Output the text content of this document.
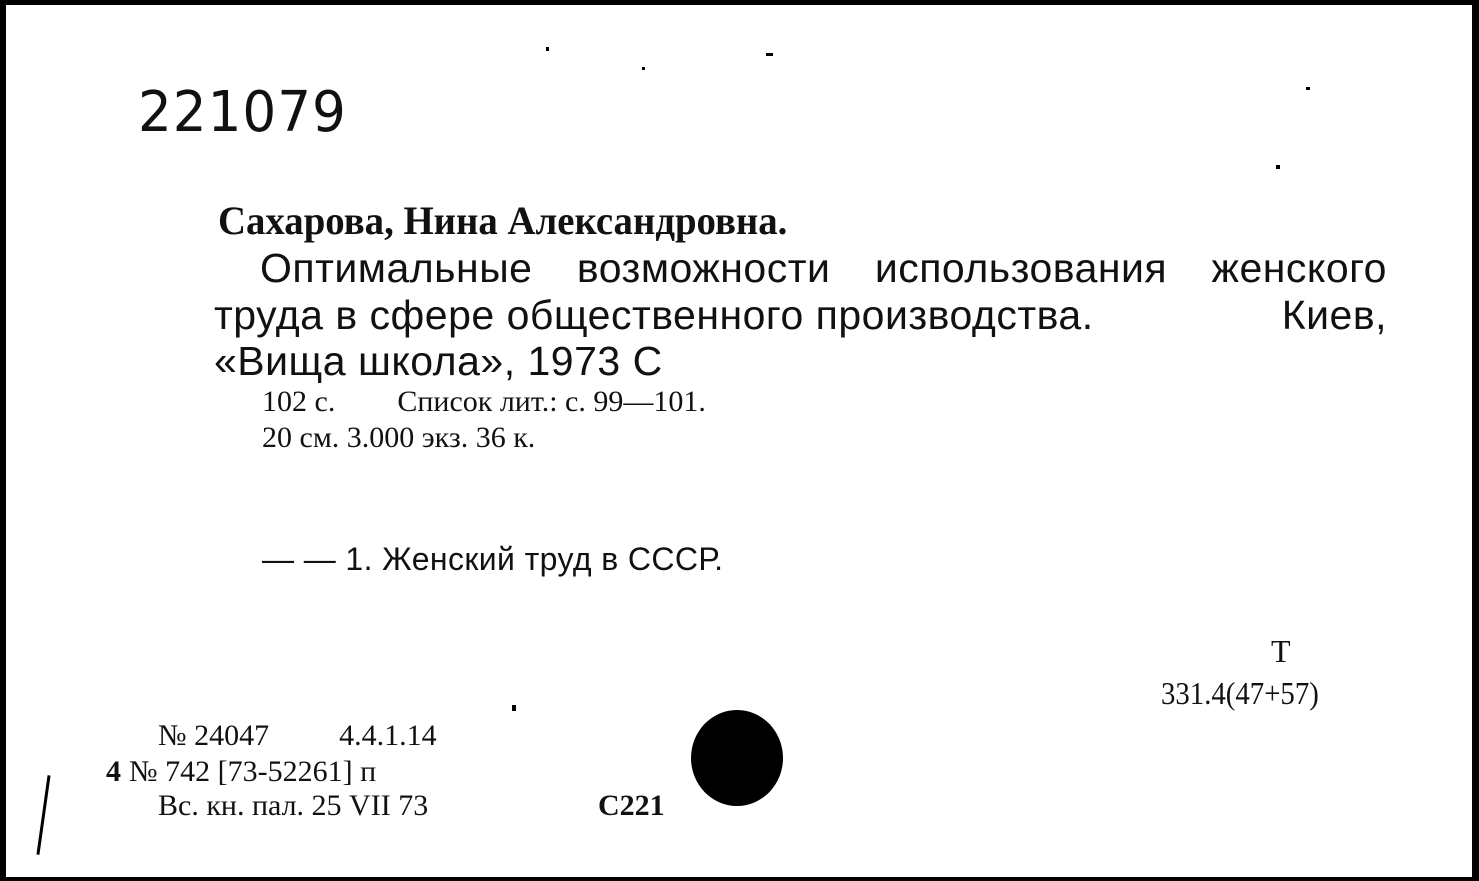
221079
Сахарова, Нина Александровна.
Оптимальные возможности использования женского
труда в сфере общественного производства.	Киев,
«Вища школа», 1973 С
102 с. Список лит.: с. 99—101.
20 см. 3.000 экз. 36 к.
— — 1. Женский труд в СССР.
Т
331.4(47+57)
№ 24047 4.4.1.14
4 № 742 [73-52261] п
Вс. кн. пал. 25 VII 73	С221
